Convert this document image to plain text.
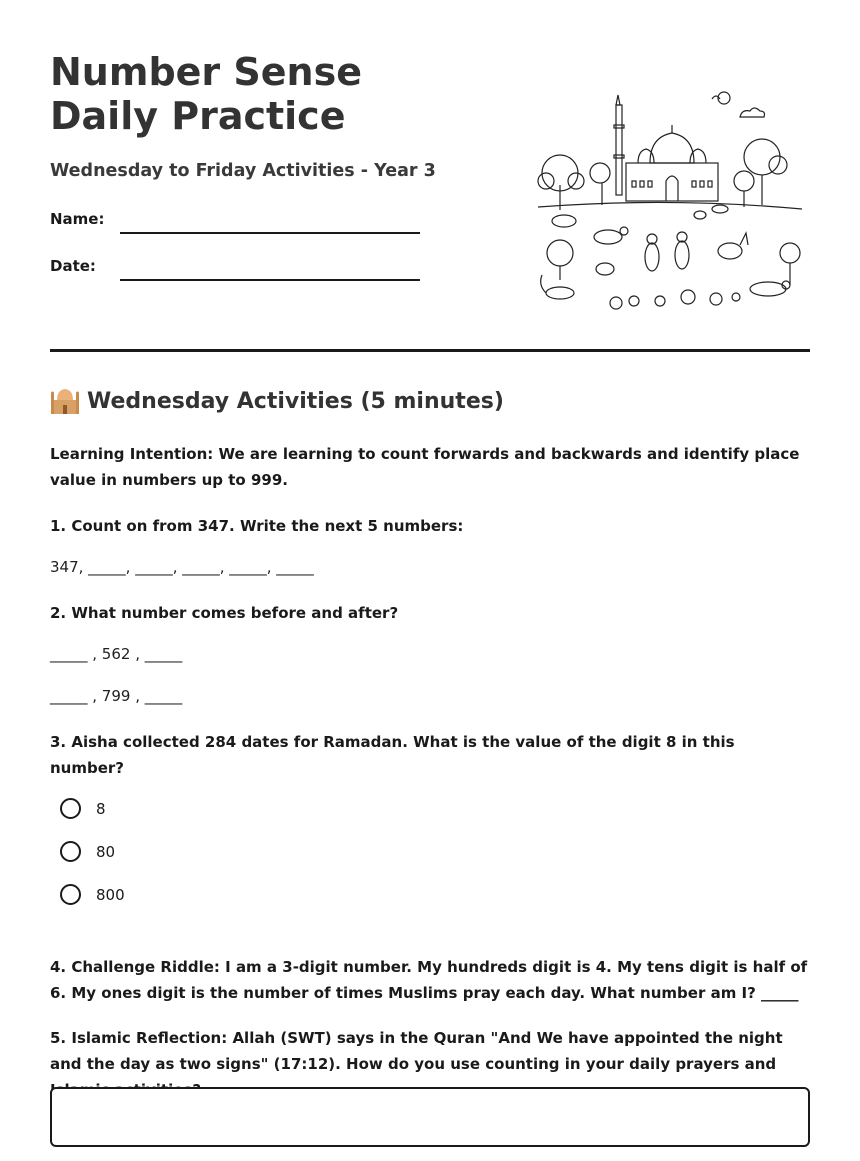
Number Sense Daily Practice
Wednesday to Friday Activities - Year 3
Name:
Date:
Wednesday Activities (5 minutes)

Learning Intention: We are learning to count forwards and backwards and identify place value in numbers up to 999.

1. Count on from 347. Write the next 5 numbers:

347, _____, _____, _____, _____, _____

2. What number comes before and after?

_____ , 562 , _____

_____ , 799 , _____

3. Aisha collected 284 dates for Ramadan. What is the value of the digit 8 in this number?

8
80
800

4. Challenge Riddle: I am a 3-digit number. My hundreds digit is 4. My tens digit is half of 6. My ones digit is the number of times Muslims pray each day. What number am I? _____

5. Islamic Reflection: Allah (SWT) says in the Quran "And We have appointed the night and the day as two signs" (17:12). How do you use counting in your daily prayers and
